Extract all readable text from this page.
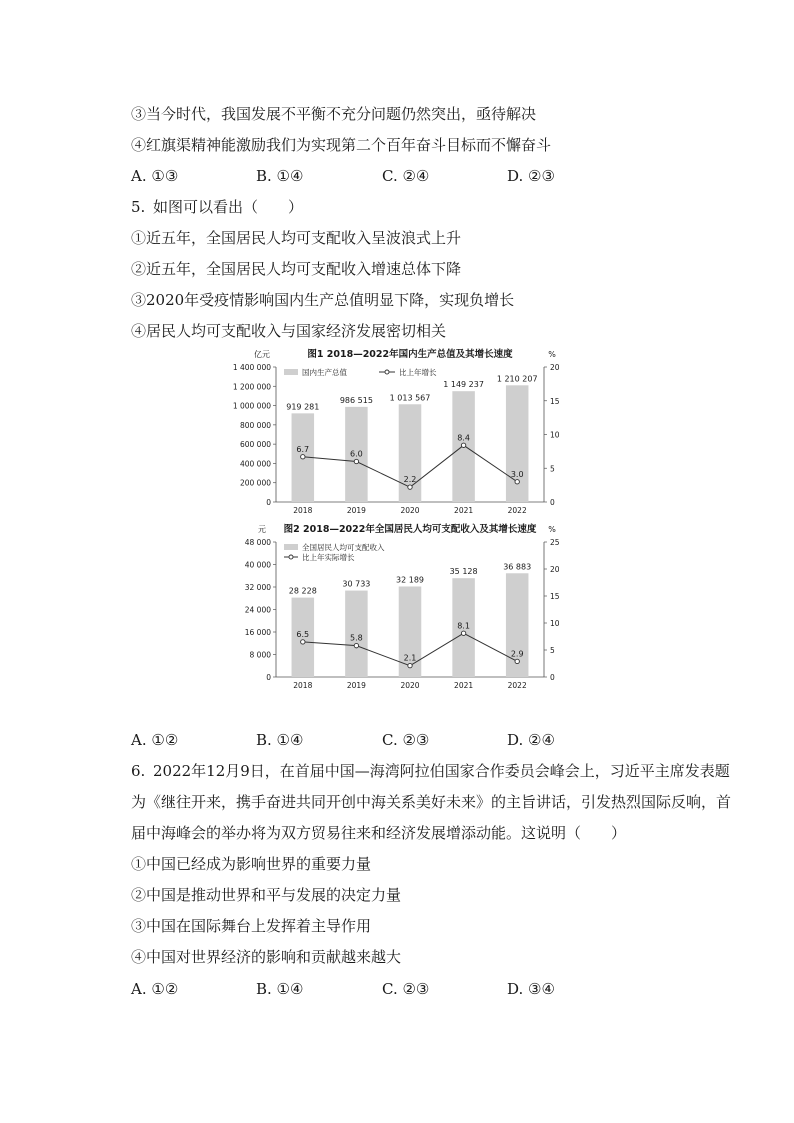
③当今时代，我国发展不平衡不充分问题仍然突出，亟待解决
④红旗渠精神能激励我们为实现第二个百年奋斗目标而不懈奋斗
A. ①③	B. ①④	C. ②④	D. ②③
5. 如图可以看出（　　）
①近五年，全国居民人均可支配收入呈波浪式上升
②近五年，全国居民人均可支配收入增速总体下降
③2020年受疫情影响国内生产总值明显下降，实现负增长
④居民人均可支配收入与国家经济发展密切相关
图1 2018—2022年国内生产总值及其增长速度
亿元	%
0
200 000
400 000
600 000
800 000
1 000 000
1 200 000
1 400 000
0
5
10
15
20
919 281
986 515 1 013 567
1 149 237
1 210 207
2018	2019	2020	2021	2022
6.7
6.0
2.2
8.4
3.0
国内生产总值	比上年增长
图2 2018—2022年全国居民人均可支配收入及其增长速度
元	%
0
8 000
16 000
24 000
32 000
40 000
48 000
0
5
10
15
20
25
28 228
30 733	32 189
35 128
36 883
2018	2019	2020	2021	2022
6.5	5.8
2.1
8.1
2.9
全国居民人均可支配收入
比上年实际增长
A. ①②	B. ①④	C. ②③	D. ②④
6. 2022年12月9日，在首届中国—海湾阿拉伯国家合作委员会峰会上，习近平主席发表题
为《继往开来，携手奋进共同开创中海关系美好未来》的主旨讲话，引发热烈国际反响，首
届中海峰会的举办将为双方贸易往来和经济发展增添动能。这说明（　　）
①中国已经成为影响世界的重要力量
②中国是推动世界和平与发展的决定力量
③中国在国际舞台上发挥着主导作用
④中国对世界经济的影响和贡献越来越大
A. ①②	B. ①④	C. ②③	D. ③④
